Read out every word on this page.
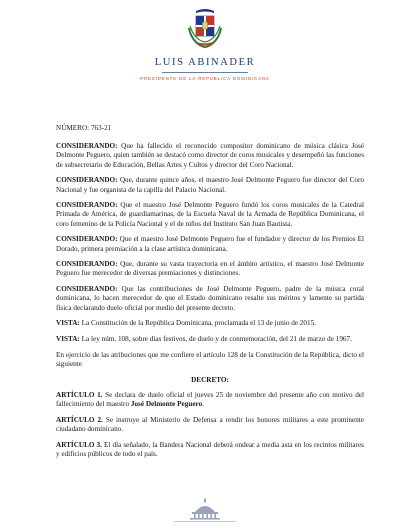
LUIS ABINADER
PRESIDENTE DE LA REPÚBLICA DOMINICANA

NÚMERO: 763-21

CONSIDERANDO: Que ha fallecido el reconocido compositor dominicano de música clásica José Delmonte Peguero, quien también se destacó como director de coros musicales y desempeñó las funciones de subsecretario de Educación, Bellas Artes y Cultos y director del Coro Nacional.

CONSIDERANDO: Que, durante quince años, el maestro José Delmonte Peguero fue director del Coro Nacional y fue organista de la capilla del Palacio Nacional.

CONSIDERANDO: Que el maestro José Delmonte Peguero fundó los coros musicales de la Catedral Primada de América, de guardiamarinas, de la Escuela Naval de la Armada de República Dominicana, el coro femenino de la Policía Nacional y el de niños del Instituto San Juan Bautista.

CONSIDERANDO: Que el maestro José Delmonte Peguero fue el fundador y director de los Premios El Dorado, primera premiación a la clase artística dominicana.

CONSIDERANDO: Que, durante su vasta trayectoria en el ámbito artístico, el maestro José Delmonte Peguero fue merecedor de diversas premiaciones y distinciones.

CONSIDERANDO: Que las contribuciones de José Delmonte Peguero, padre de la música coral dominicana, lo hacen merecedor de que el Estado dominicano resalte sus méritos y lamente su partida física declarando duelo oficial por medio del presente decreto.

VISTA: La Constitución de la República Dominicana, proclamada el 13 de junio de 2015.

VISTA: La ley núm. 108, sobre días festivos, de duelo y de conmemoración, del 21 de marzo de 1967.

En ejercicio de las atribuciones que me confiere el artículo 128 de la Constitución de la República, dicto el siguiente

DECRETO:

ARTÍCULO 1. Se declara de duelo oficial el jueves 25 de noviembre del presente año con motivo del fallecimiento del maestro José Delmonte Peguero.

ARTÍCULO 2. Se instruye al Ministerio de Defensa a rendir los honores militares a este prominente ciudadano dominicano.

ARTÍCULO 3. El día señalado, la Bandera Nacional deberá ondear a media asta en los recintos militares y edificios públicos de todo el país.
